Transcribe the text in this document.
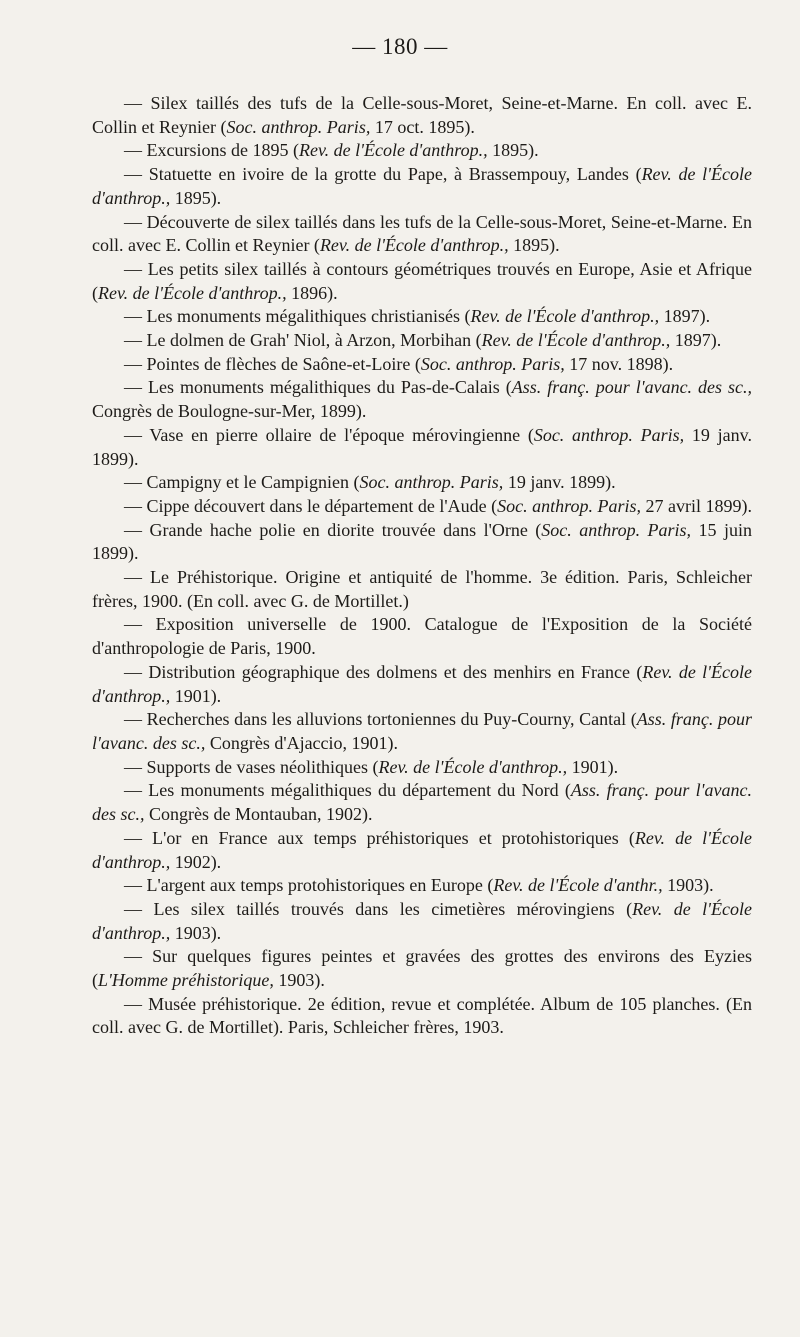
— 180 —

— Silex taillés des tufs de la Celle-sous-Moret, Seine-et-Marne. En coll. avec E. Collin et Reynier (Soc. anthrop. Paris, 17 oct. 1895).

— Excursions de 1895 (Rev. de l'École d'anthrop., 1895).

— Statuette en ivoire de la grotte du Pape, à Brassempouy, Landes (Rev. de l'École d'anthrop., 1895).

— Découverte de silex taillés dans les tufs de la Celle-sous-Moret, Seine-et-Marne. En coll. avec E. Collin et Reynier (Rev. de l'École d'anthrop., 1895).

— Les petits silex taillés à contours géométriques trouvés en Europe, Asie et Afrique (Rev. de l'École d'anthrop., 1896).

— Les monuments mégalithiques christianisés (Rev. de l'École d'anthrop., 1897).

— Le dolmen de Grah' Niol, à Arzon, Morbihan (Rev. de l'École d'anthrop., 1897).

— Pointes de flèches de Saône-et-Loire (Soc. anthrop. Paris, 17 nov. 1898).

— Les monuments mégalithiques du Pas-de-Calais (Ass. franç. pour l'avanc. des sc., Congrès de Boulogne-sur-Mer, 1899).

— Vase en pierre ollaire de l'époque mérovingienne (Soc. anthrop. Paris, 19 janv. 1899).

— Campigny et le Campignien (Soc. anthrop. Paris, 19 janv. 1899).

— Cippe découvert dans le département de l'Aude (Soc. anthrop. Paris, 27 avril 1899).

— Grande hache polie en diorite trouvée dans l'Orne (Soc. anthrop. Paris, 15 juin 1899).

— Le Préhistorique. Origine et antiquité de l'homme. 3e édition. Paris, Schleicher frères, 1900. (En coll. avec G. de Mortillet.)

— Exposition universelle de 1900. Catalogue de l'Exposition de la Société d'anthropologie de Paris, 1900.

— Distribution géographique des dolmens et des menhirs en France (Rev. de l'École d'anthrop., 1901).

— Recherches dans les alluvions tortoniennes du Puy-Courny, Cantal (Ass. franç. pour l'avanc. des sc., Congrès d'Ajaccio, 1901).

— Supports de vases néolithiques (Rev. de l'École d'anthrop., 1901).

— Les monuments mégalithiques du département du Nord (Ass. franç. pour l'avanc. des sc., Congrès de Montauban, 1902).

— L'or en France aux temps préhistoriques et protohistoriques (Rev. de l'École d'anthrop., 1902).

— L'argent aux temps protohistoriques en Europe (Rev. de l'École d'anthr., 1903).

— Les silex taillés trouvés dans les cimetières mérovingiens (Rev. de l'École d'anthrop., 1903).

— Sur quelques figures peintes et gravées des grottes des environs des Eyzies (L'Homme préhistorique, 1903).

— Musée préhistorique. 2e édition, revue et complétée. Album de 105 planches. (En coll. avec G. de Mortillet). Paris, Schleicher frères, 1903.
